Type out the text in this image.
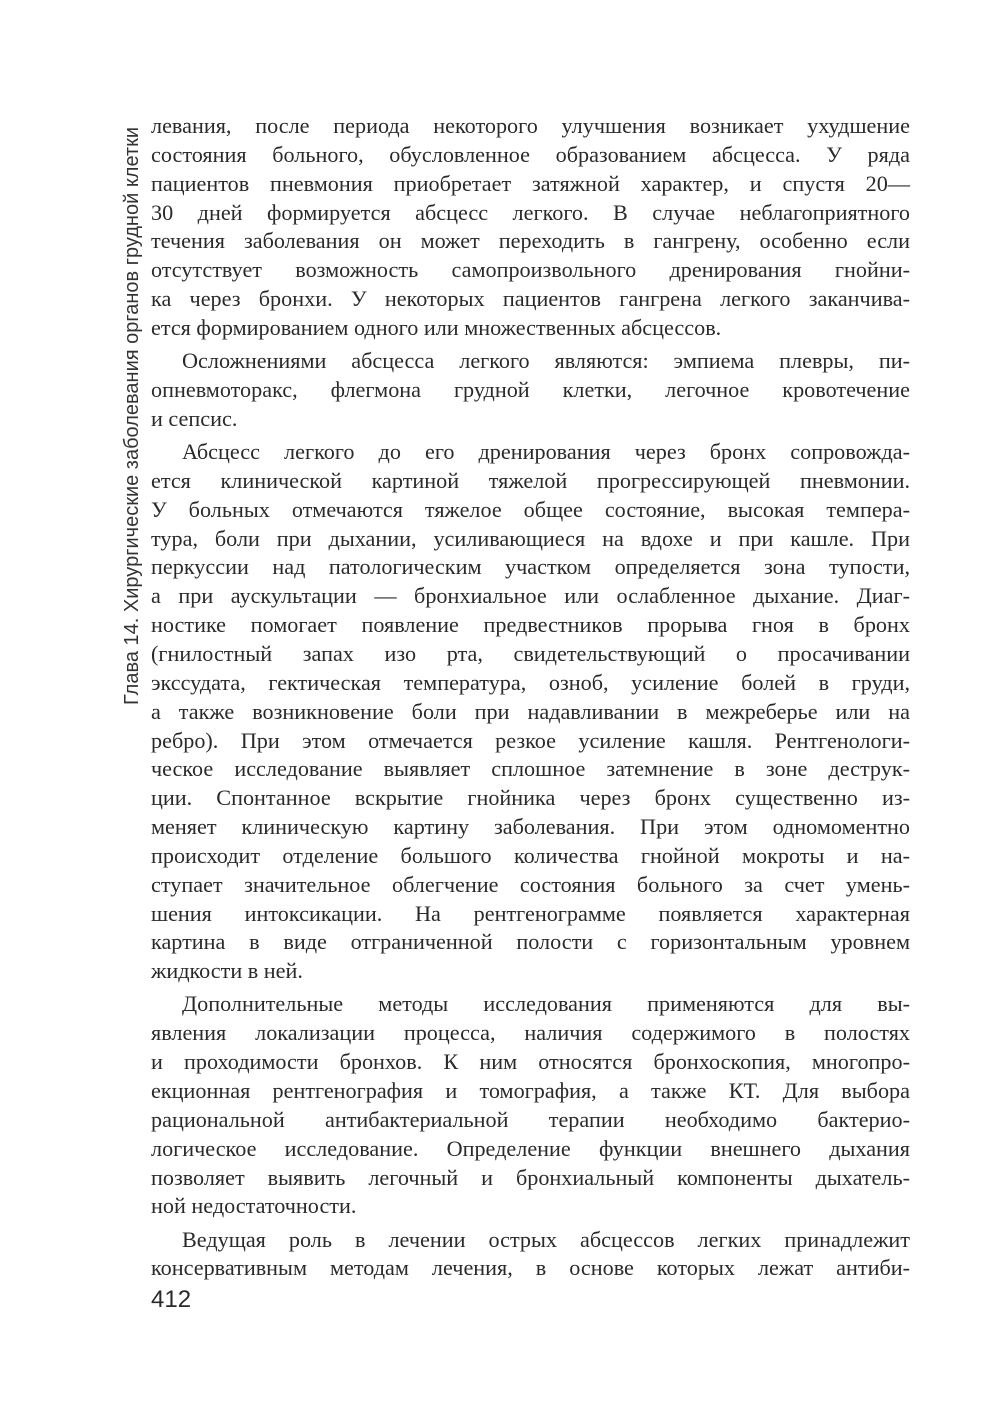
Глава 14. Хирургические заболевания органов грудной клетки

левания, после периода некоторого улучшения возникает ухудшение
состояния больного, обусловленное образованием абсцесса. У ряда
пациентов пневмония приобретает затяжной характер, и спустя 20—
30 дней формируется абсцесс легкого. В случае неблагоприятного
течения заболевания он может переходить в гангрену, особенно если
отсутствует возможность самопроизвольного дренирования гнойни-
ка через бронхи. У некоторых пациентов гангрена легкого заканчива-
ется формированием одного или множественных абсцессов.

Осложнениями абсцесса легкого являются: эмпиема плевры, пи-
опневмоторакс, флегмона грудной клетки, легочное кровотечение
и сепсис.

Абсцесс легкого до его дренирования через бронх сопровожда-
ется клинической картиной тяжелой прогрессирующей пневмонии.
У больных отмечаются тяжелое общее состояние, высокая темпера-
тура, боли при дыхании, усиливающиеся на вдохе и при кашле. При
перкуссии над патологическим участком определяется зона тупости,
а при аускультации — бронхиальное или ослабленное дыхание. Диаг-
ностике помогает появление предвестников прорыва гноя в бронх
(гнилостный запах изо рта, свидетельствующий о просачивании
экссудата, гектическая температура, озноб, усиление болей в груди,
а также возникновение боли при надавливании в межреберье или на
ребро). При этом отмечается резкое усиление кашля. Рентгенологи-
ческое исследование выявляет сплошное затемнение в зоне деструк-
ции. Спонтанное вскрытие гнойника через бронх существенно из-
меняет клиническую картину заболевания. При этом одномоментно
происходит отделение большого количества гнойной мокроты и на-
ступает значительное облегчение состояния больного за счет умень-
шения интоксикации. На рентгенограмме появляется характерная
картина в виде отграниченной полости с горизонтальным уровнем
жидкости в ней.

Дополнительные методы исследования применяются для вы-
явления локализации процесса, наличия содержимого в полостях
и проходимости бронхов. К ним относятся бронхоскопия, многопро-
екционная рентгенография и томография, а также КТ. Для выбора
рациональной антибактериальной терапии необходимо бактерио-
логическое исследование. Определение функции внешнего дыхания
позволяет выявить легочный и бронхиальный компоненты дыхатель-
ной недостаточности.

Ведущая роль в лечении острых абсцессов легких принадлежит
консервативным методам лечения, в основе которых лежат антиби-

412
